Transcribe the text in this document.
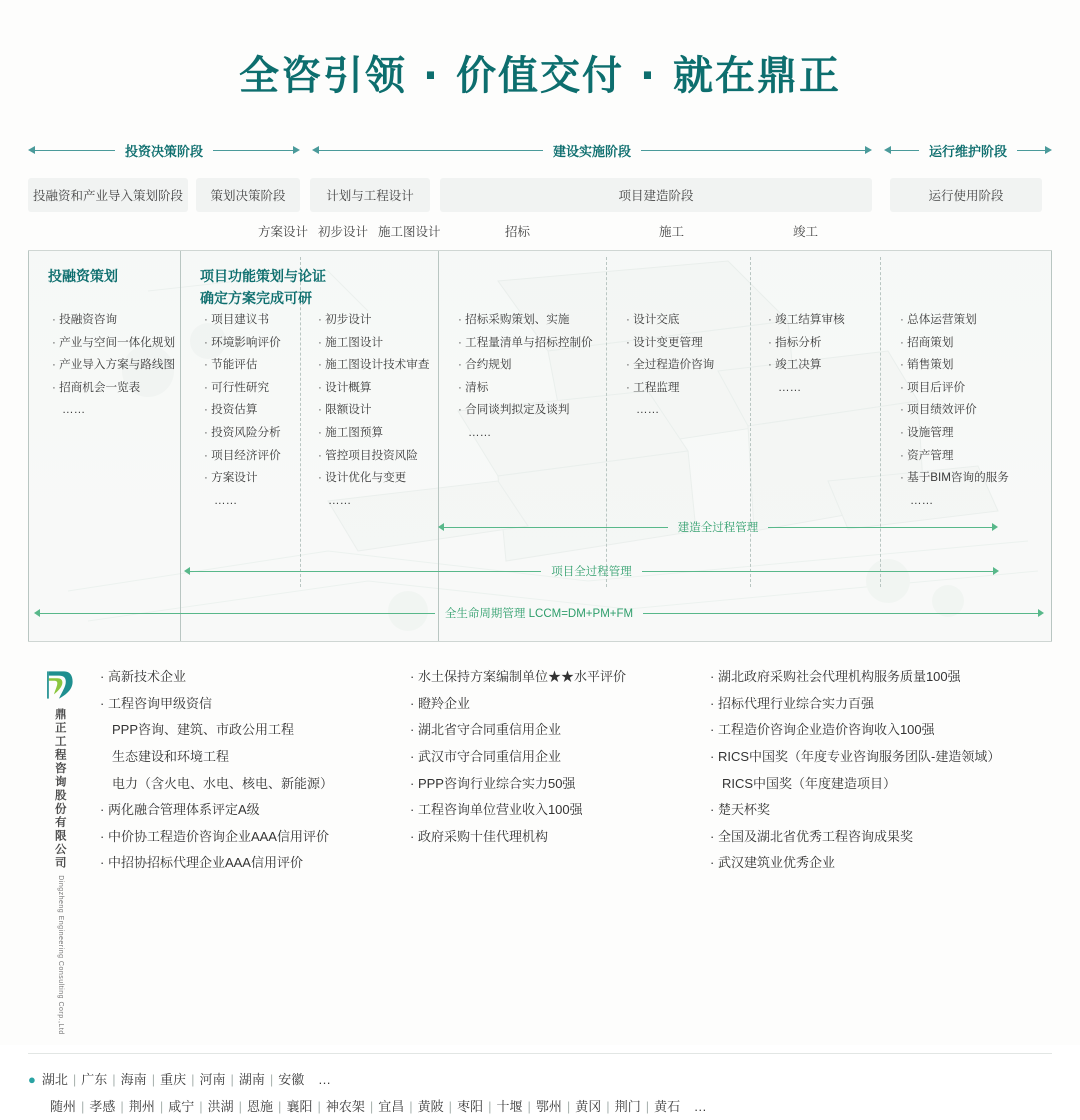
全咨引领 · 价值交付 · 就在鼎正
投资决策阶段	建设实施阶段	运行维护阶段
投融资和产业导入策划阶段	策划决策阶段	计划与工程设计	项目建造阶段	运行使用阶段
方案设计 初步设计 施工图设计	招标	施工	竣工
投融资策划
· 投融资咨询
· 产业与空间一体化规划
· 产业导入方案与路线图
· 招商机会一览表
……
项目功能策划与论证
确定方案完成可研
· 项目建议书
· 环境影响评价
· 节能评估
· 可行性研究
· 投资估算
· 投资风险分析
· 项目经济评价
· 方案设计
……
· 初步设计
· 施工图设计
· 施工图设计技术审查
· 设计概算
· 限额设计
· 施工图预算
· 管控项目投资风险
· 设计优化与变更
……
· 招标采购策划、实施
· 工程量清单与招标控制价
· 合约规划
· 清标
· 合同谈判拟定及谈判
……
· 设计交底
· 设计变更管理
· 全过程造价咨询
· 工程监理
……
· 竣工结算审核
· 指标分析
· 竣工决算
……
· 总体运营策划
· 招商策划
· 销售策划
· 项目后评价
· 项目绩效评价
· 设施管理
· 资产管理
· 基于BIM咨询的服务
……
建造全过程管理
项目全过程管理
全生命周期管理 LCCM=DM+PM+FM
鼎正工程咨询股份有限公司 Dingzheng Engineering Consulting Corp.,Ltd
· 高新技术企业
· 工程咨询甲级资信
PPP咨询、建筑、市政公用工程
生态建设和环境工程
电力（含火电、水电、核电、新能源）
· 两化融合管理体系评定A级
· 中价协工程造价咨询企业AAA信用评价
· 中招协招标代理企业AAA信用评价
· 水土保持方案编制单位★★水平评价
· 瞪羚企业
· 湖北省守合同重信用企业
· 武汉市守合同重信用企业
· PPP咨询行业综合实力50强
· 工程咨询单位营业收入100强
· 政府采购十佳代理机构
· 湖北政府采购社会代理机构服务质量100强
· 招标代理行业综合实力百强
· 工程造价咨询企业造价咨询收入100强
· RICS中国奖（年度专业咨询服务团队-建造领域）
RICS中国奖（年度建造项目）
· 楚天杯奖
· 全国及湖北省优秀工程咨询成果奖
· 武汉建筑业优秀企业
● 湖北 | 广东 | 海南 | 重庆 | 河南 | 湖南 | 安徽 …
随州 | 孝感 | 荆州 | 咸宁 | 洪湖 | 恩施 | 襄阳 | 神农架 | 宜昌 | 黄陂 | 枣阳 | 十堰 | 鄂州 | 黄冈 | 荆门 | 黄石 …
